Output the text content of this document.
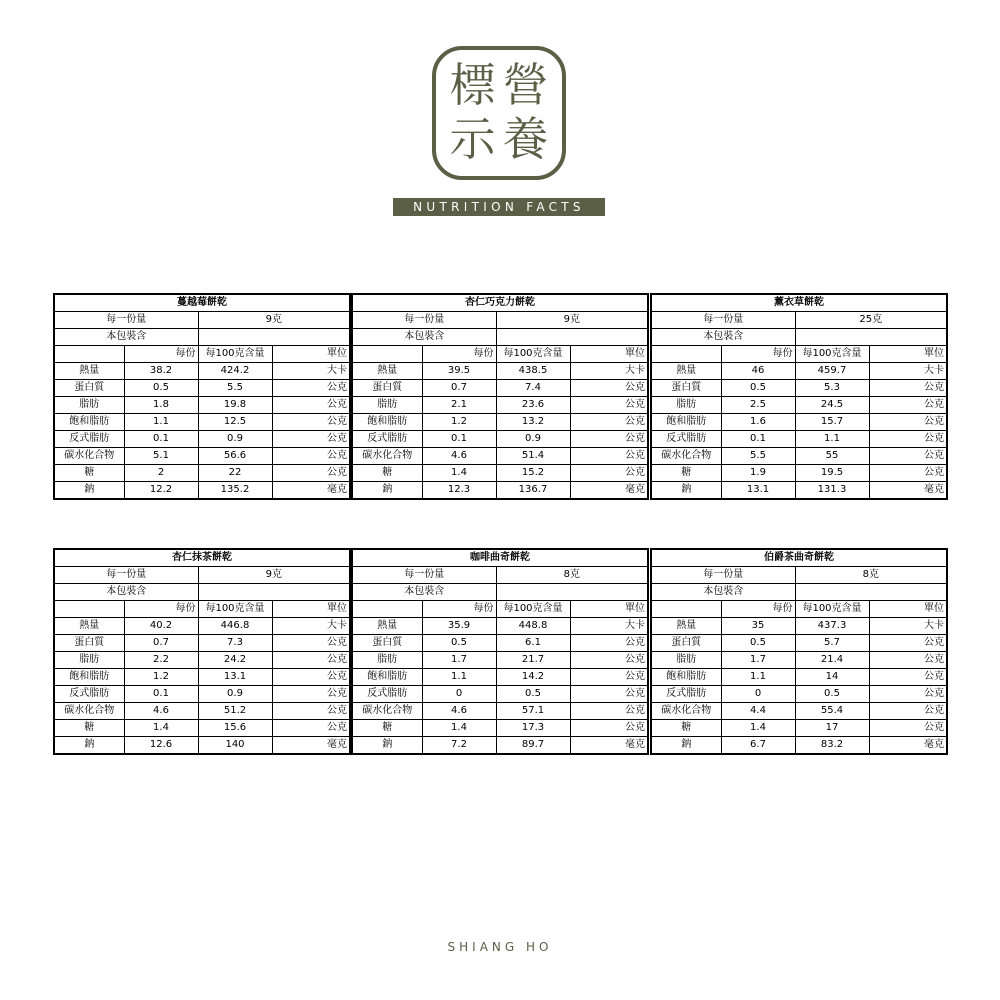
標 營
示 養
NUTRITION FACTS
蔓越莓餅乾			
每一份量		9克	
本包裝含			
	每份	每100克含量	單位
熱量	38.2	424.2	大卡
蛋白質	0.5	5.5	公克
脂肪	1.8	19.8	公克
飽和脂肪	1.1	12.5	公克
反式脂肪	0.1	0.9	公克
碳水化合物	5.1	56.6	公克
糖	2	22	公克
鈉	12.2	135.2	毫克
杏仁巧克力餅乾			
每一份量		9克	
本包裝含			
	每份	每100克含量	單位
熱量	39.5	438.5	大卡
蛋白質	0.7	7.4	公克
脂肪	2.1	23.6	公克
飽和脂肪	1.2	13.2	公克
反式脂肪	0.1	0.9	公克
碳水化合物	4.6	51.4	公克
糖	1.4	15.2	公克
鈉	12.3	136.7	毫克
薰衣草餅乾			
每一份量		25克	
本包裝含			
	每份	每100克含量	單位
熱量	46	459.7	大卡
蛋白質	0.5	5.3	公克
脂肪	2.5	24.5	公克
飽和脂肪	1.6	15.7	公克
反式脂肪	0.1	1.1	公克
碳水化合物	5.5	55	公克
糖	1.9	19.5	公克
鈉	13.1	131.3	毫克
杏仁抹茶餅乾			
每一份量		9克	
本包裝含			
	每份	每100克含量	單位
熱量	40.2	446.8	大卡
蛋白質	0.7	7.3	公克
脂肪	2.2	24.2	公克
飽和脂肪	1.2	13.1	公克
反式脂肪	0.1	0.9	公克
碳水化合物	4.6	51.2	公克
糖	1.4	15.6	公克
鈉	12.6	140	毫克
咖啡曲奇餅乾			
每一份量		8克	
本包裝含			
	每份	每100克含量	單位
熱量	35.9	448.8	大卡
蛋白質	0.5	6.1	公克
脂肪	1.7	21.7	公克
飽和脂肪	1.1	14.2	公克
反式脂肪	0	0.5	公克
碳水化合物	4.6	57.1	公克
糖	1.4	17.3	公克
鈉	7.2	89.7	毫克
伯爵茶曲奇餅乾			
每一份量		8克	
本包裝含			
	每份	每100克含量	單位
熱量	35	437.3	大卡
蛋白質	0.5	5.7	公克
脂肪	1.7	21.4	公克
飽和脂肪	1.1	14	公克
反式脂肪	0	0.5	公克
碳水化合物	4.4	55.4	公克
糖	1.4	17	公克
鈉	6.7	83.2	毫克
SHIANG HO
